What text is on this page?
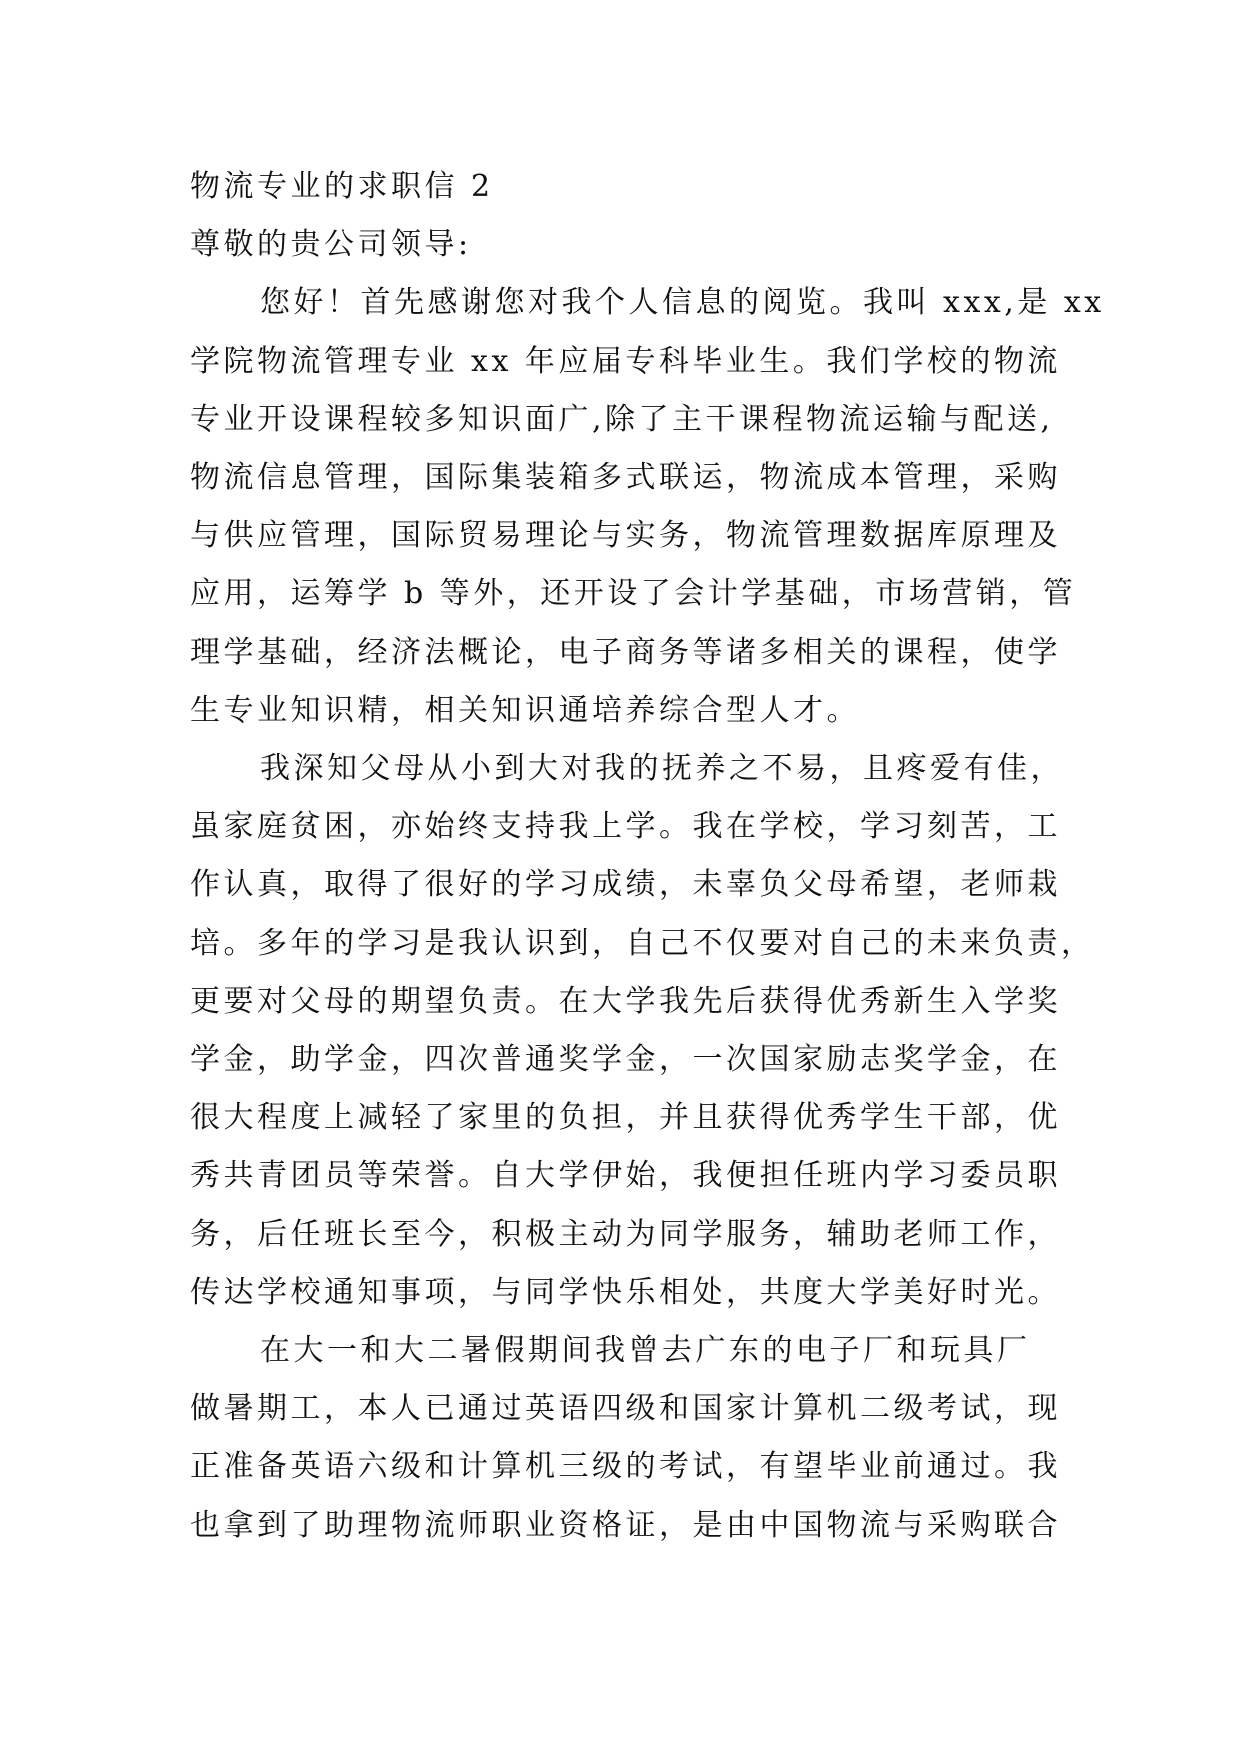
物流专业的求职信 2
尊敬的贵公司领导:
您好！首先感谢您对我个人信息的阅览。我叫 xxx,是 xx
学院物流管理专业 xx 年应届专科毕业生。我们学校的物流
专业开设课程较多知识面广,除了主干课程物流运输与配送,
物流信息管理，国际集装箱多式联运，物流成本管理，采购
与供应管理，国际贸易理论与实务，物流管理数据库原理及
应用，运筹学 b 等外，还开设了会计学基础，市场营销，管
理学基础，经济法概论，电子商务等诸多相关的课程，使学
生专业知识精，相关知识通培养综合型人才。
我深知父母从小到大对我的抚养之不易，且疼爱有佳，
虽家庭贫困，亦始终支持我上学。我在学校，学习刻苦，工
作认真，取得了很好的学习成绩，未辜负父母希望，老师栽
培。多年的学习是我认识到，自己不仅要对自己的未来负责，
更要对父母的期望负责。在大学我先后获得优秀新生入学奖
学金，助学金，四次普通奖学金，一次国家励志奖学金，在
很大程度上减轻了家里的负担，并且获得优秀学生干部，优
秀共青团员等荣誉。自大学伊始，我便担任班内学习委员职
务，后任班长至今，积极主动为同学服务，辅助老师工作，
传达学校通知事项，与同学快乐相处，共度大学美好时光。
在大一和大二暑假期间我曾去广东的电子厂和玩具厂
做暑期工，本人已通过英语四级和国家计算机二级考试，现
正准备英语六级和计算机三级的考试，有望毕业前通过。我
也拿到了助理物流师职业资格证，是由中国物流与采购联合
